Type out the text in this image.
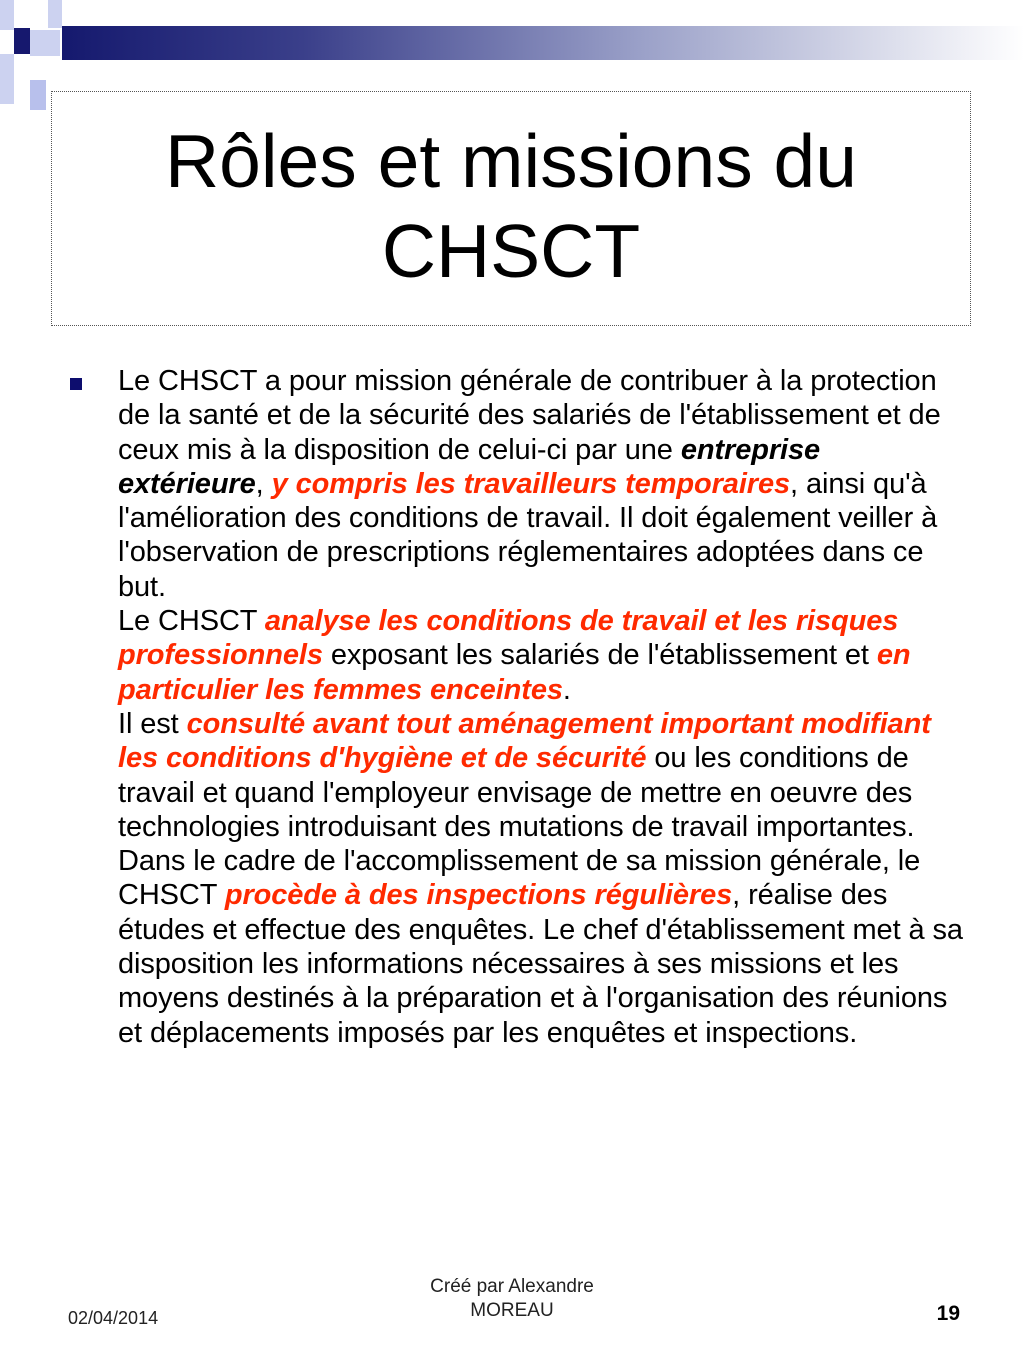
Rôles et missions du CHSCT
Le CHSCT a pour mission générale de contribuer à la protection de la santé et de la sécurité des salariés de l'établissement et de ceux mis à la disposition de celui-ci par une entreprise extérieure, y compris les travailleurs temporaires, ainsi qu'à l'amélioration des conditions de travail. Il doit également veiller à l'observation de prescriptions réglementaires adoptées dans ce but.
Le CHSCT analyse les conditions de travail et les risques professionnels exposant les salariés de l'établissement et en particulier les femmes enceintes.
Il est consulté avant tout aménagement important modifiant les conditions d'hygiène et de sécurité ou les conditions de travail et quand l'employeur envisage de mettre en oeuvre des technologies introduisant des mutations de travail importantes.
Dans le cadre de l'accomplissement de sa mission générale, le CHSCT procède à des inspections régulières, réalise des études et effectue des enquêtes. Le chef d'établissement met à sa disposition les informations nécessaires à ses missions et les moyens destinés à la préparation et à l'organisation des réunions et déplacements imposés par les enquêtes et inspections.
02/04/2014
Créé par Alexandre
MOREAU	19
